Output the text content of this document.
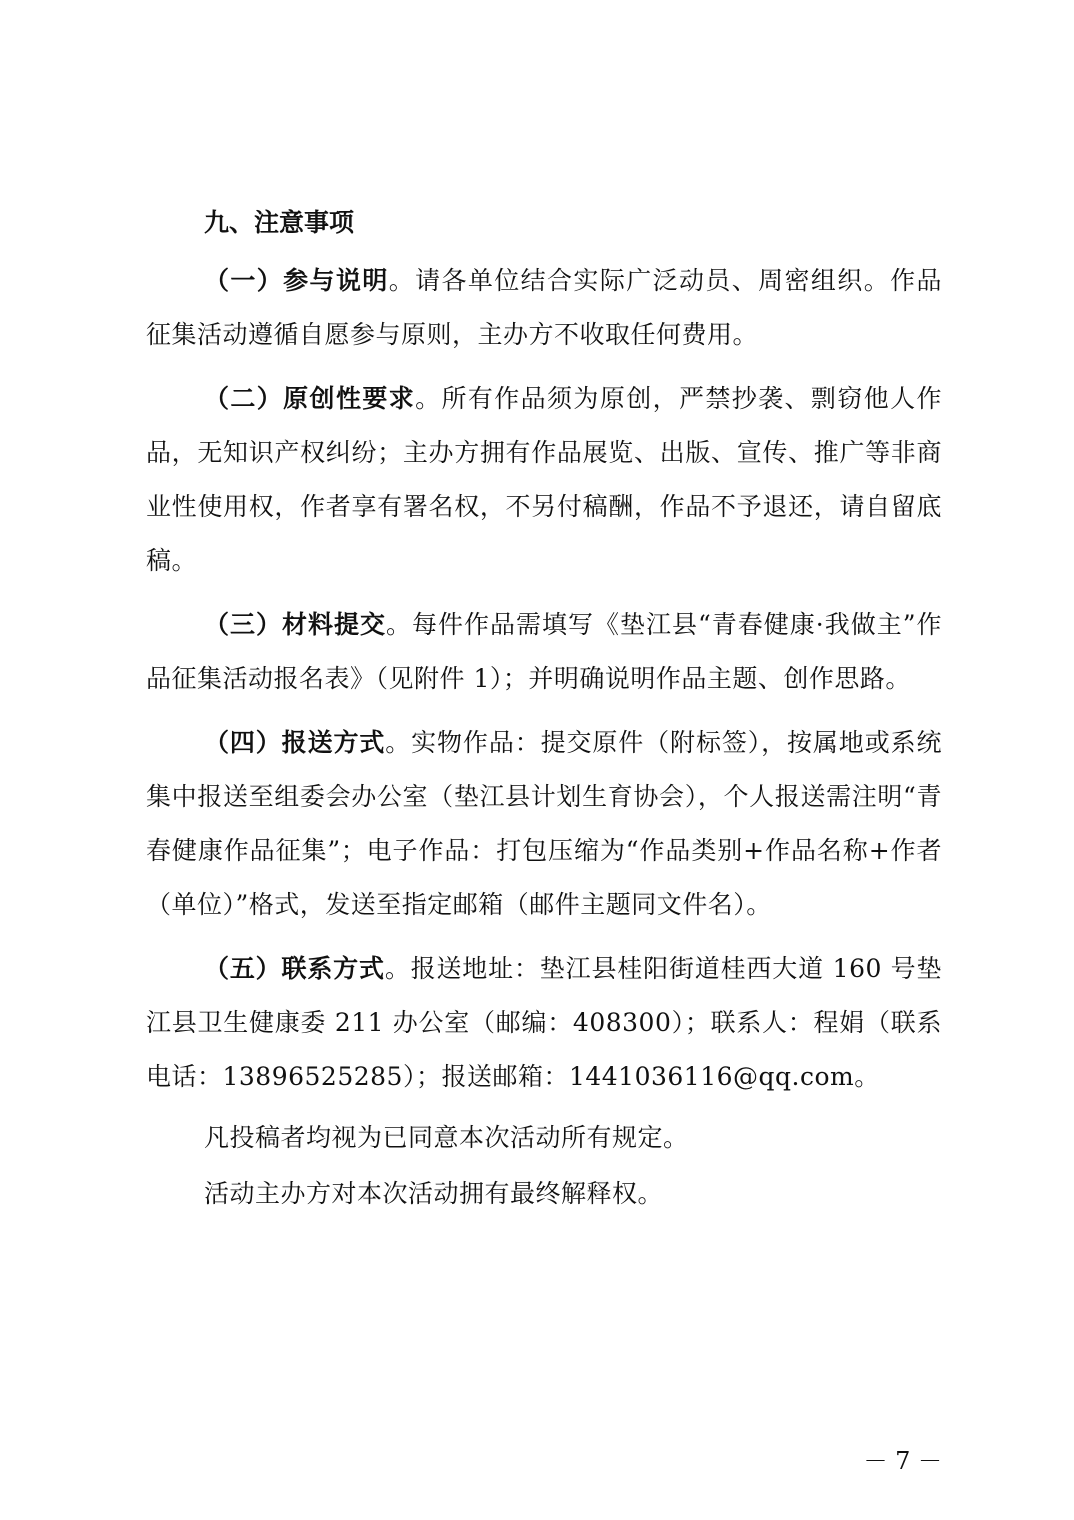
九、注意事项

（一）参与说明。请各单位结合实际广泛动员、周密组织。作品征集活动遵循自愿参与原则，主办方不收取任何费用。

（二）原创性要求。所有作品须为原创，严禁抄袭、剽窃他人作品，无知识产权纠纷；主办方拥有作品展览、出版、宣传、推广等非商业性使用权，作者享有署名权，不另付稿酬，作品不予退还，请自留底稿。

（三）材料提交。每件作品需填写《垫江县“青春健康·我做主”作品征集活动报名表》（见附件 1）；并明确说明作品主题、创作思路。

（四）报送方式。实物作品：提交原件（附标签），按属地或系统集中报送至组委会办公室（垫江县计划生育协会），个人报送需注明“青春健康作品征集”；电子作品：打包压缩为“作品类别+作品名称+作者（单位）”格式，发送至指定邮箱（邮件主题同文件名）。

（五）联系方式。报送地址：垫江县桂阳街道桂西大道 160 号垫江县卫生健康委 211 办公室（邮编：408300）；联系人：程娟（联系电话：13896525285）；报送邮箱：1441036116@qq.com。

凡投稿者均视为已同意本次活动所有规定。

活动主办方对本次活动拥有最终解释权。

－ 7 －
